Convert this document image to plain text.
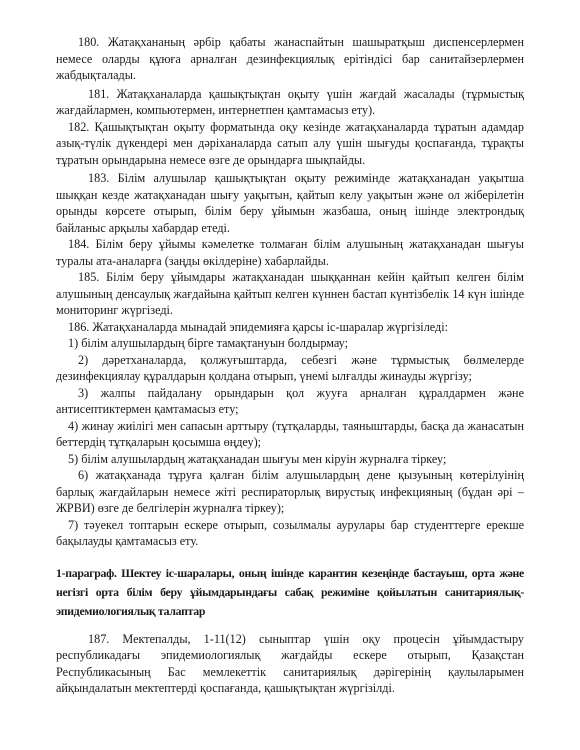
180. Жатақхананың әрбір қабаты жанаспайтын шашыратқыш диспенсерлермен немесе оларды құюға арналған дезинфекциялық ерітіндісі бар санитайзерлермен жабдықталады.

181. Жатақханаларда қашықтықтан оқыту үшін жағдай жасалады (тұрмыстық жағдайлармен, компьютермен, интернетпен қамтамасыз ету).

182. Қашықтықтан оқыту форматында оқу кезінде жатақханаларда тұратын адамдар азық-түлік дүкендері мен дәріханаларда сатып алу үшін шығуды қоспағанда, тұрақты тұратын орындарына немесе өзге де орындарға шықпайды.

183. Білім алушылар қашықтықтан оқыту режимінде жатақханадан уақытша шыққан кезде жатақханадан шығу уақытын, қайтып келу уақытын және ол жіберілетін орынды көрсете отырып, білім беру ұйымын жазбаша, оның ішінде электрондық байланыс арқылы хабардар етеді.

184. Білім беру ұйымы кәмелетке толмаған білім алушының жатақханадан шығуы туралы ата-аналарға (заңды өкілдеріне) хабарлайды.

185. Білім беру ұйымдары жатақханадан шыққаннан кейін қайтып келген білім алушының денсаулық жағдайына қайтып келген күннен бастап күнтізбелік 14 күн ішінде мониторинг жүргізеді.

186. Жатақханаларда мынадай эпидемияға қарсы іс-шаралар жүргізіледі:

1) білім алушылардың бірге тамақтануын болдырмау;

2) дәретханаларда, қолжуғыштарда, себезгі және тұрмыстық бөлмелерде дезинфекциялау құралдарын қолдана отырып, үнемі ылғалды жинауды жүргізу;

3) жалпы пайдалану орындарын қол жууға арналған құралдармен және антисептиктермен қамтамасыз ету;

4) жинау жиілігі мен сапасын арттыру (тұтқаларды, таяныштарды, басқа да жанасатын беттердің тұтқаларын қосымша өңдеу);

5) білім алушылардың жатақханадан шығуы мен кіруін журналға тіркеу;

6) жатақханада тұруға қалған білім алушылардың дене қызуының көтерілуінің барлық жағдайларын немесе жіті респираторлық вирустық инфекцияның (бұдан әрі – ЖРВИ) өзге де белгілерін журналға тіркеу);

7) тәуекел топтарын ескере отырып, созылмалы аурулары бар студенттерге ерекше бақылауды қамтамасыз ету.

1-параграф. Шектеу іс-шаралары, оның ішінде карантин кезеңінде бастауыш, орта және негізгі орта білім беру ұйымдарындағы сабақ режиміне қойылатын санитариялық-эпидемиологиялық талаптар

187. Мектепалды, 1-11(12) сыныптар үшін оқу процесін ұйымдастыру республикадағы эпидемиологиялық жағдайды ескере отырып, Қазақстан Республикасының Бас мемлекеттік санитариялық дәрігерінің қаулыларымен айқындалатын мектептерді қоспағанда, қашықтықтан жүргізілді.
